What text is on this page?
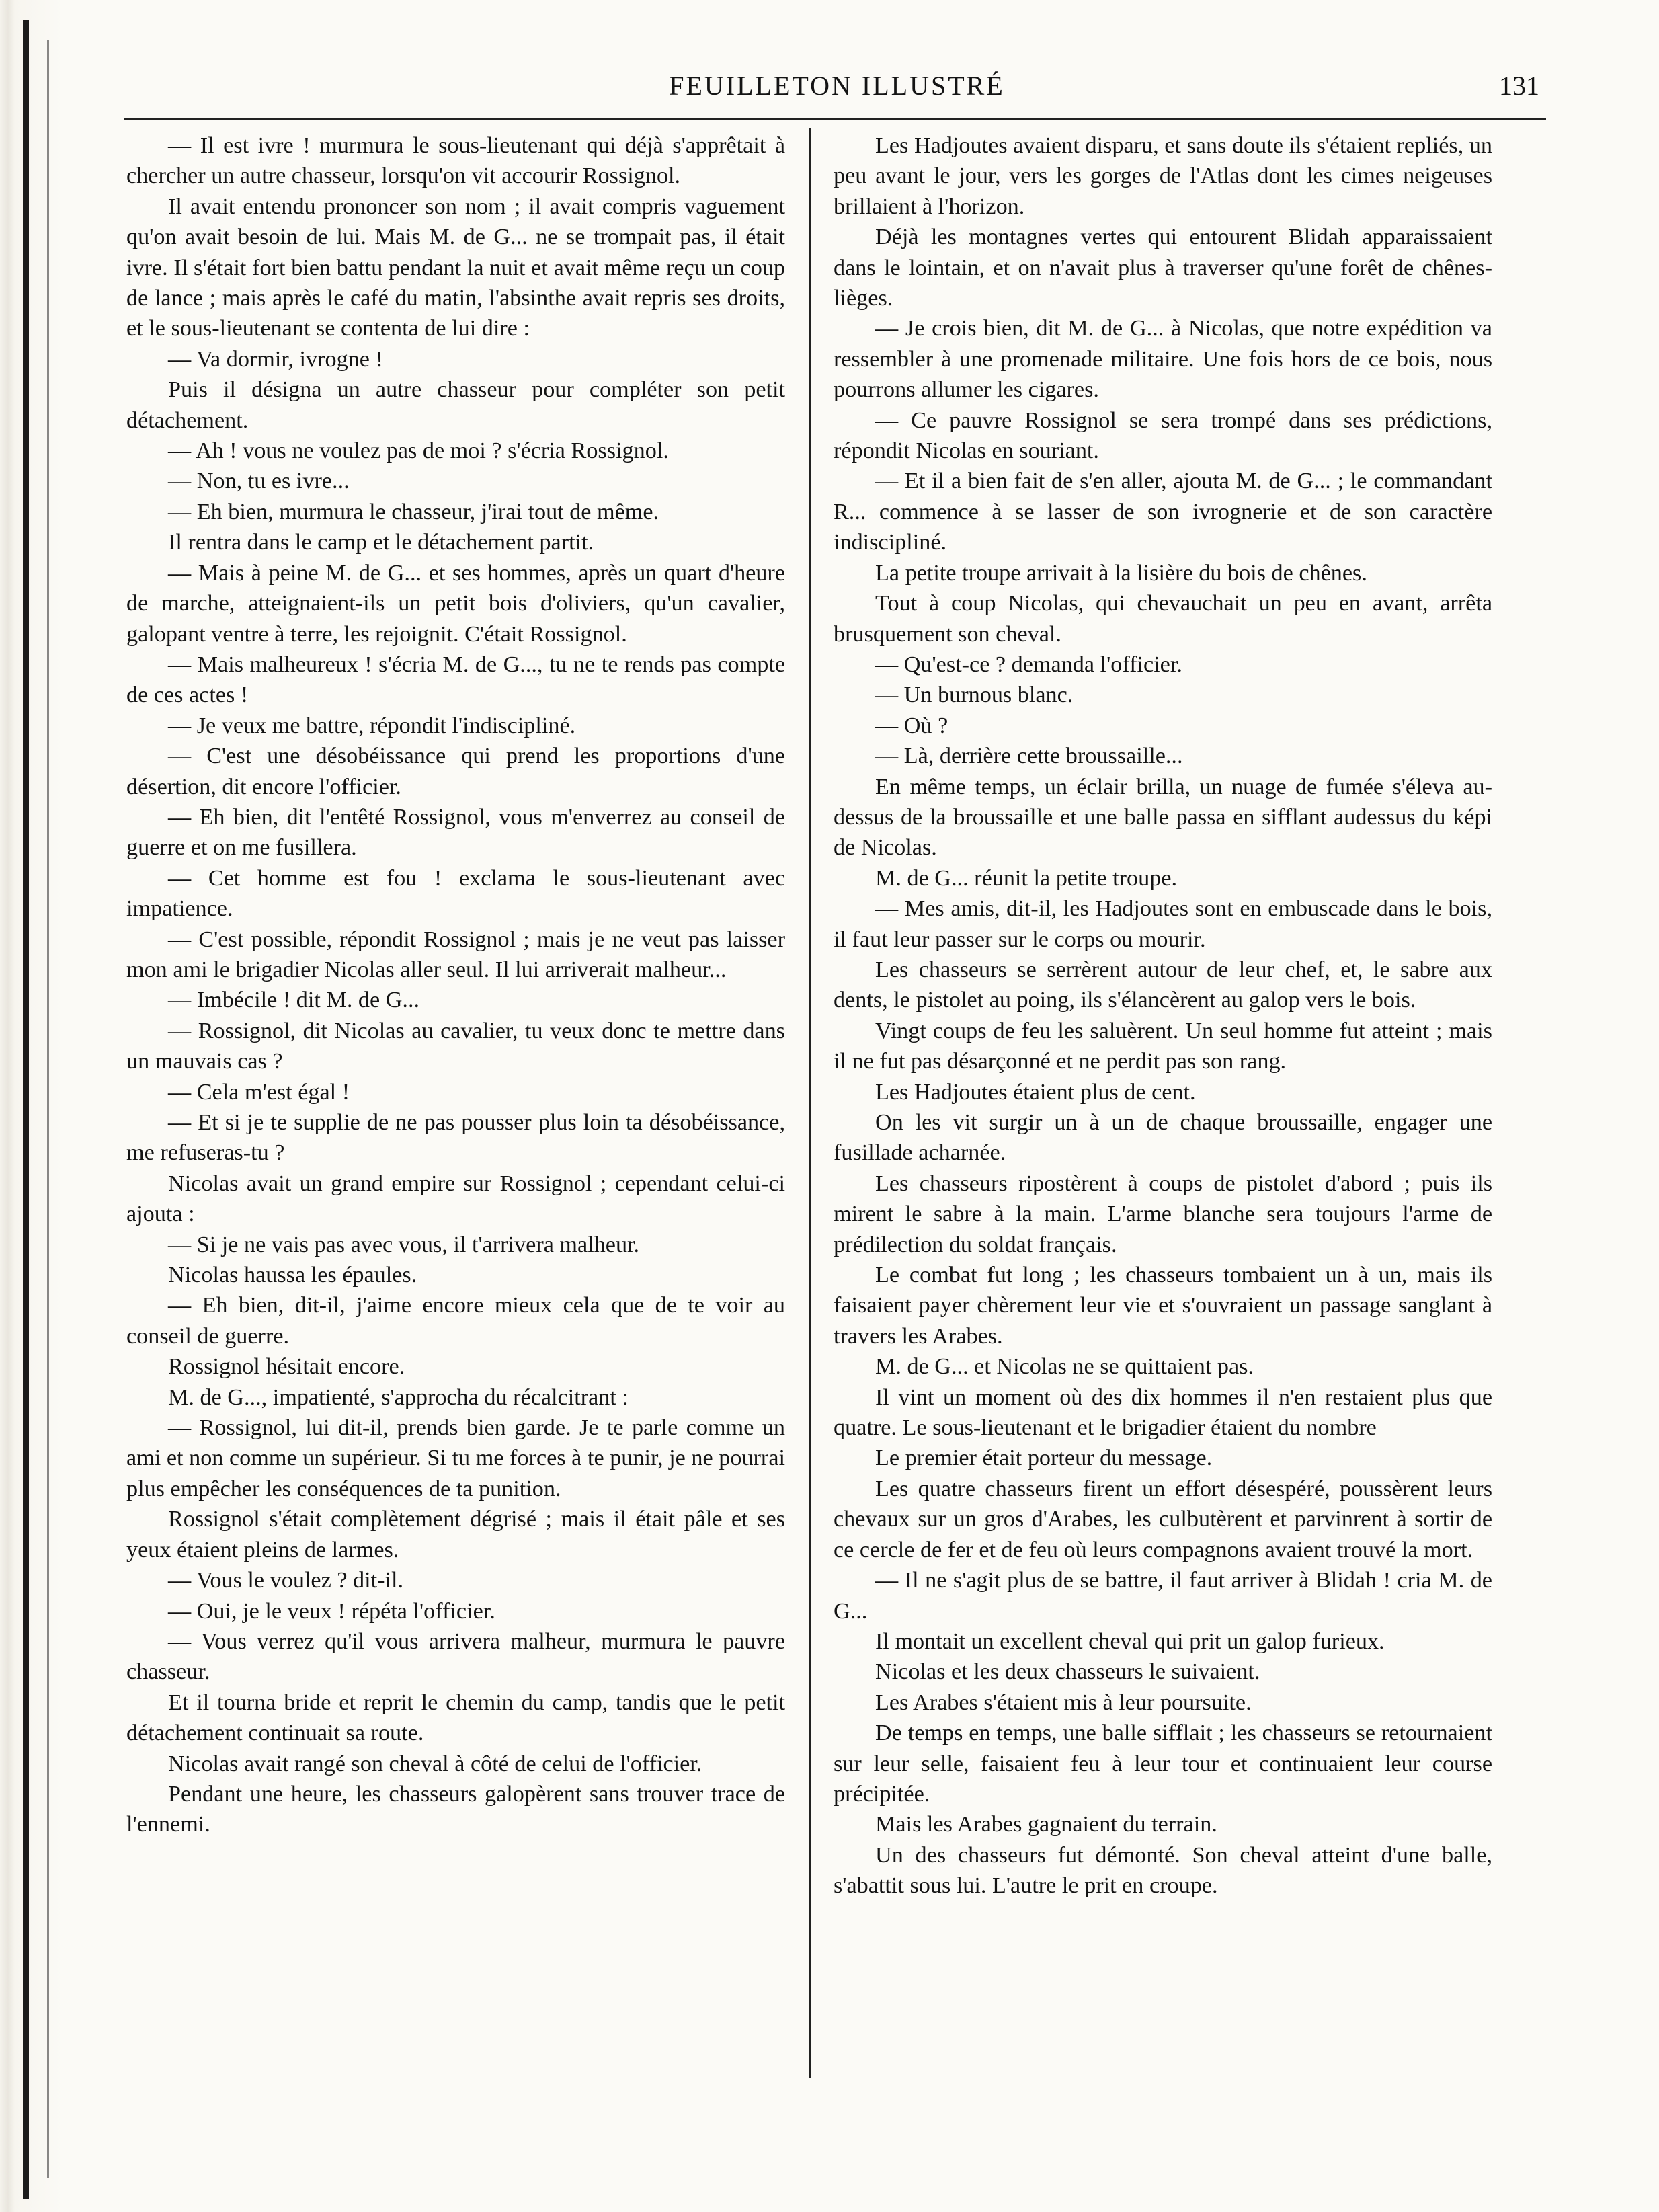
FEUILLETON ILLUSTRÉ	131

— Il est ivre ! murmura le sous-lieutenant qui déjà s'apprêtait à chercher un autre chasseur, lorsqu'on vit accourir Rossignol.

Il avait entendu prononcer son nom ; il avait compris vaguement qu'on avait besoin de lui. Mais M. de G... ne se trompait pas, il était ivre. Il s'était fort bien battu pendant la nuit et avait même reçu un coup de lance ; mais après le café du matin, l'absinthe avait repris ses droits, et le sous-lieutenant se contenta de lui dire :

— Va dormir, ivrogne !

Puis il désigna un autre chasseur pour compléter son petit détachement.

— Ah ! vous ne voulez pas de moi ? s'écria Rossignol.

— Non, tu es ivre...

— Eh bien, murmura le chasseur, j'irai tout de même.

Il rentra dans le camp et le détachement partit.

— Mais à peine M. de G... et ses hommes, après un quart d'heure de marche, atteignaient-ils un petit bois d'oliviers, qu'un cavalier, galopant ventre à terre, les rejoignit. C'était Rossignol.

— Mais malheureux ! s'écria M. de G..., tu ne te rends pas compte de ces actes !

— Je veux me battre, répondit l'indiscipliné.

— C'est une désobéissance qui prend les proportions d'une désertion, dit encore l'officier.

— Eh bien, dit l'entêté Rossignol, vous m'enverrez au conseil de guerre et on me fusillera.

— Cet homme est fou ! exclama le sous-lieutenant avec impatience.

— C'est possible, répondit Rossignol ; mais je ne veut pas laisser mon ami le brigadier Nicolas aller seul. Il lui arriverait malheur...

— Imbécile ! dit M. de G...

— Rossignol, dit Nicolas au cavalier, tu veux donc te mettre dans un mauvais cas ?

— Cela m'est égal !

— Et si je te supplie de ne pas pousser plus loin ta désobéissance, me refuseras-tu ?

Nicolas avait un grand empire sur Rossignol ; cependant celui-ci ajouta :

— Si je ne vais pas avec vous, il t'arrivera malheur.

Nicolas haussa les épaules.

— Eh bien, dit-il, j'aime encore mieux cela que de te voir au conseil de guerre.

Rossignol hésitait encore.

M. de G..., impatienté, s'approcha du récalcitrant :

— Rossignol, lui dit-il, prends bien garde. Je te parle comme un ami et non comme un supérieur. Si tu me forces à te punir, je ne pourrai plus empêcher les conséquences de ta punition.

Rossignol s'était complètement dégrisé ; mais il était pâle et ses yeux étaient pleins de larmes.

— Vous le voulez ? dit-il.

— Oui, je le veux ! répéta l'officier.

— Vous verrez qu'il vous arrivera malheur, murmura le pauvre chasseur.

Et il tourna bride et reprit le chemin du camp, tandis que le petit détachement continuait sa route.

Nicolas avait rangé son cheval à côté de celui de l'officier.

Pendant une heure, les chasseurs galopèrent sans trouver trace de l'ennemi.

Les Hadjoutes avaient disparu, et sans doute ils s'étaient repliés, un peu avant le jour, vers les gorges de l'Atlas dont les cimes neigeuses brillaient à l'horizon.

Déjà les montagnes vertes qui entourent Blidah apparaissaient dans le lointain, et on n'avait plus à traverser qu'une forêt de chênes-lièges.

— Je crois bien, dit M. de G... à Nicolas, que notre expédition va ressembler à une promenade militaire. Une fois hors de ce bois, nous pourrons allumer les cigares.

— Ce pauvre Rossignol se sera trompé dans ses prédictions, répondit Nicolas en souriant.

— Et il a bien fait de s'en aller, ajouta M. de G... ; le commandant R... commence à se lasser de son ivrognerie et de son caractère indiscipliné.

La petite troupe arrivait à la lisière du bois de chênes.

Tout à coup Nicolas, qui chevauchait un peu en avant, arrêta brusquement son cheval.

— Qu'est-ce ? demanda l'officier.

— Un burnous blanc.

— Où ?

— Là, derrière cette broussaille...

En même temps, un éclair brilla, un nuage de fumée s'éleva au-dessus de la broussaille et une balle passa en sifflant audessus du képi de Nicolas.

M. de G... réunit la petite troupe.

— Mes amis, dit-il, les Hadjoutes sont en embuscade dans le bois, il faut leur passer sur le corps ou mourir.

Les chasseurs se serrèrent autour de leur chef, et, le sabre aux dents, le pistolet au poing, ils s'élancèrent au galop vers le bois.

Vingt coups de feu les saluèrent. Un seul homme fut atteint ; mais il ne fut pas désarçonné et ne perdit pas son rang.

Les Hadjoutes étaient plus de cent.

On les vit surgir un à un de chaque broussaille, engager une fusillade acharnée.

Les chasseurs ripostèrent à coups de pistolet d'abord ; puis ils mirent le sabre à la main. L'arme blanche sera toujours l'arme de prédilection du soldat français.

Le combat fut long ; les chasseurs tombaient un à un, mais ils faisaient payer chèrement leur vie et s'ouvraient un passage sanglant à travers les Arabes.

M. de G... et Nicolas ne se quittaient pas.

Il vint un moment où des dix hommes il n'en restaient plus que quatre. Le sous-lieutenant et le brigadier étaient du nombre

Le premier était porteur du message.

Les quatre chasseurs firent un effort désespéré, poussèrent leurs chevaux sur un gros d'Arabes, les culbutèrent et parvinrent à sortir de ce cercle de fer et de feu où leurs compagnons avaient trouvé la mort.

— Il ne s'agit plus de se battre, il faut arriver à Blidah ! cria M. de G...

Il montait un excellent cheval qui prit un galop furieux.

Nicolas et les deux chasseurs le suivaient.

Les Arabes s'étaient mis à leur poursuite.

De temps en temps, une balle sifflait ; les chasseurs se retournaient sur leur selle, faisaient feu à leur tour et continuaient leur course précipitée.

Mais les Arabes gagnaient du terrain.

Un des chasseurs fut démonté. Son cheval atteint d'une balle, s'abattit sous lui. L'autre le prit en croupe.
